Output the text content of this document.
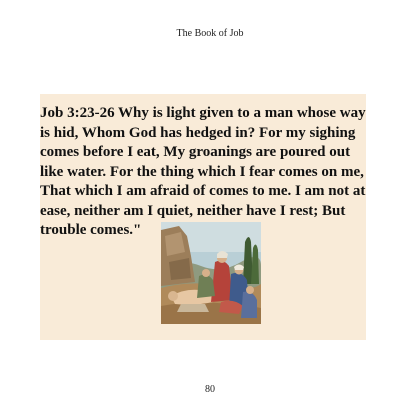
The Book of Job

Job 3:23-26 Why is light given to a man whose way
is hid, Whom God has hedged in? For my sighing
comes before I eat, My groanings are poured out
like water. For the thing which I fear comes on me,
That which I am afraid of comes to me. I am not at
ease, neither am I quiet, neither have I rest; But
trouble comes."

80
